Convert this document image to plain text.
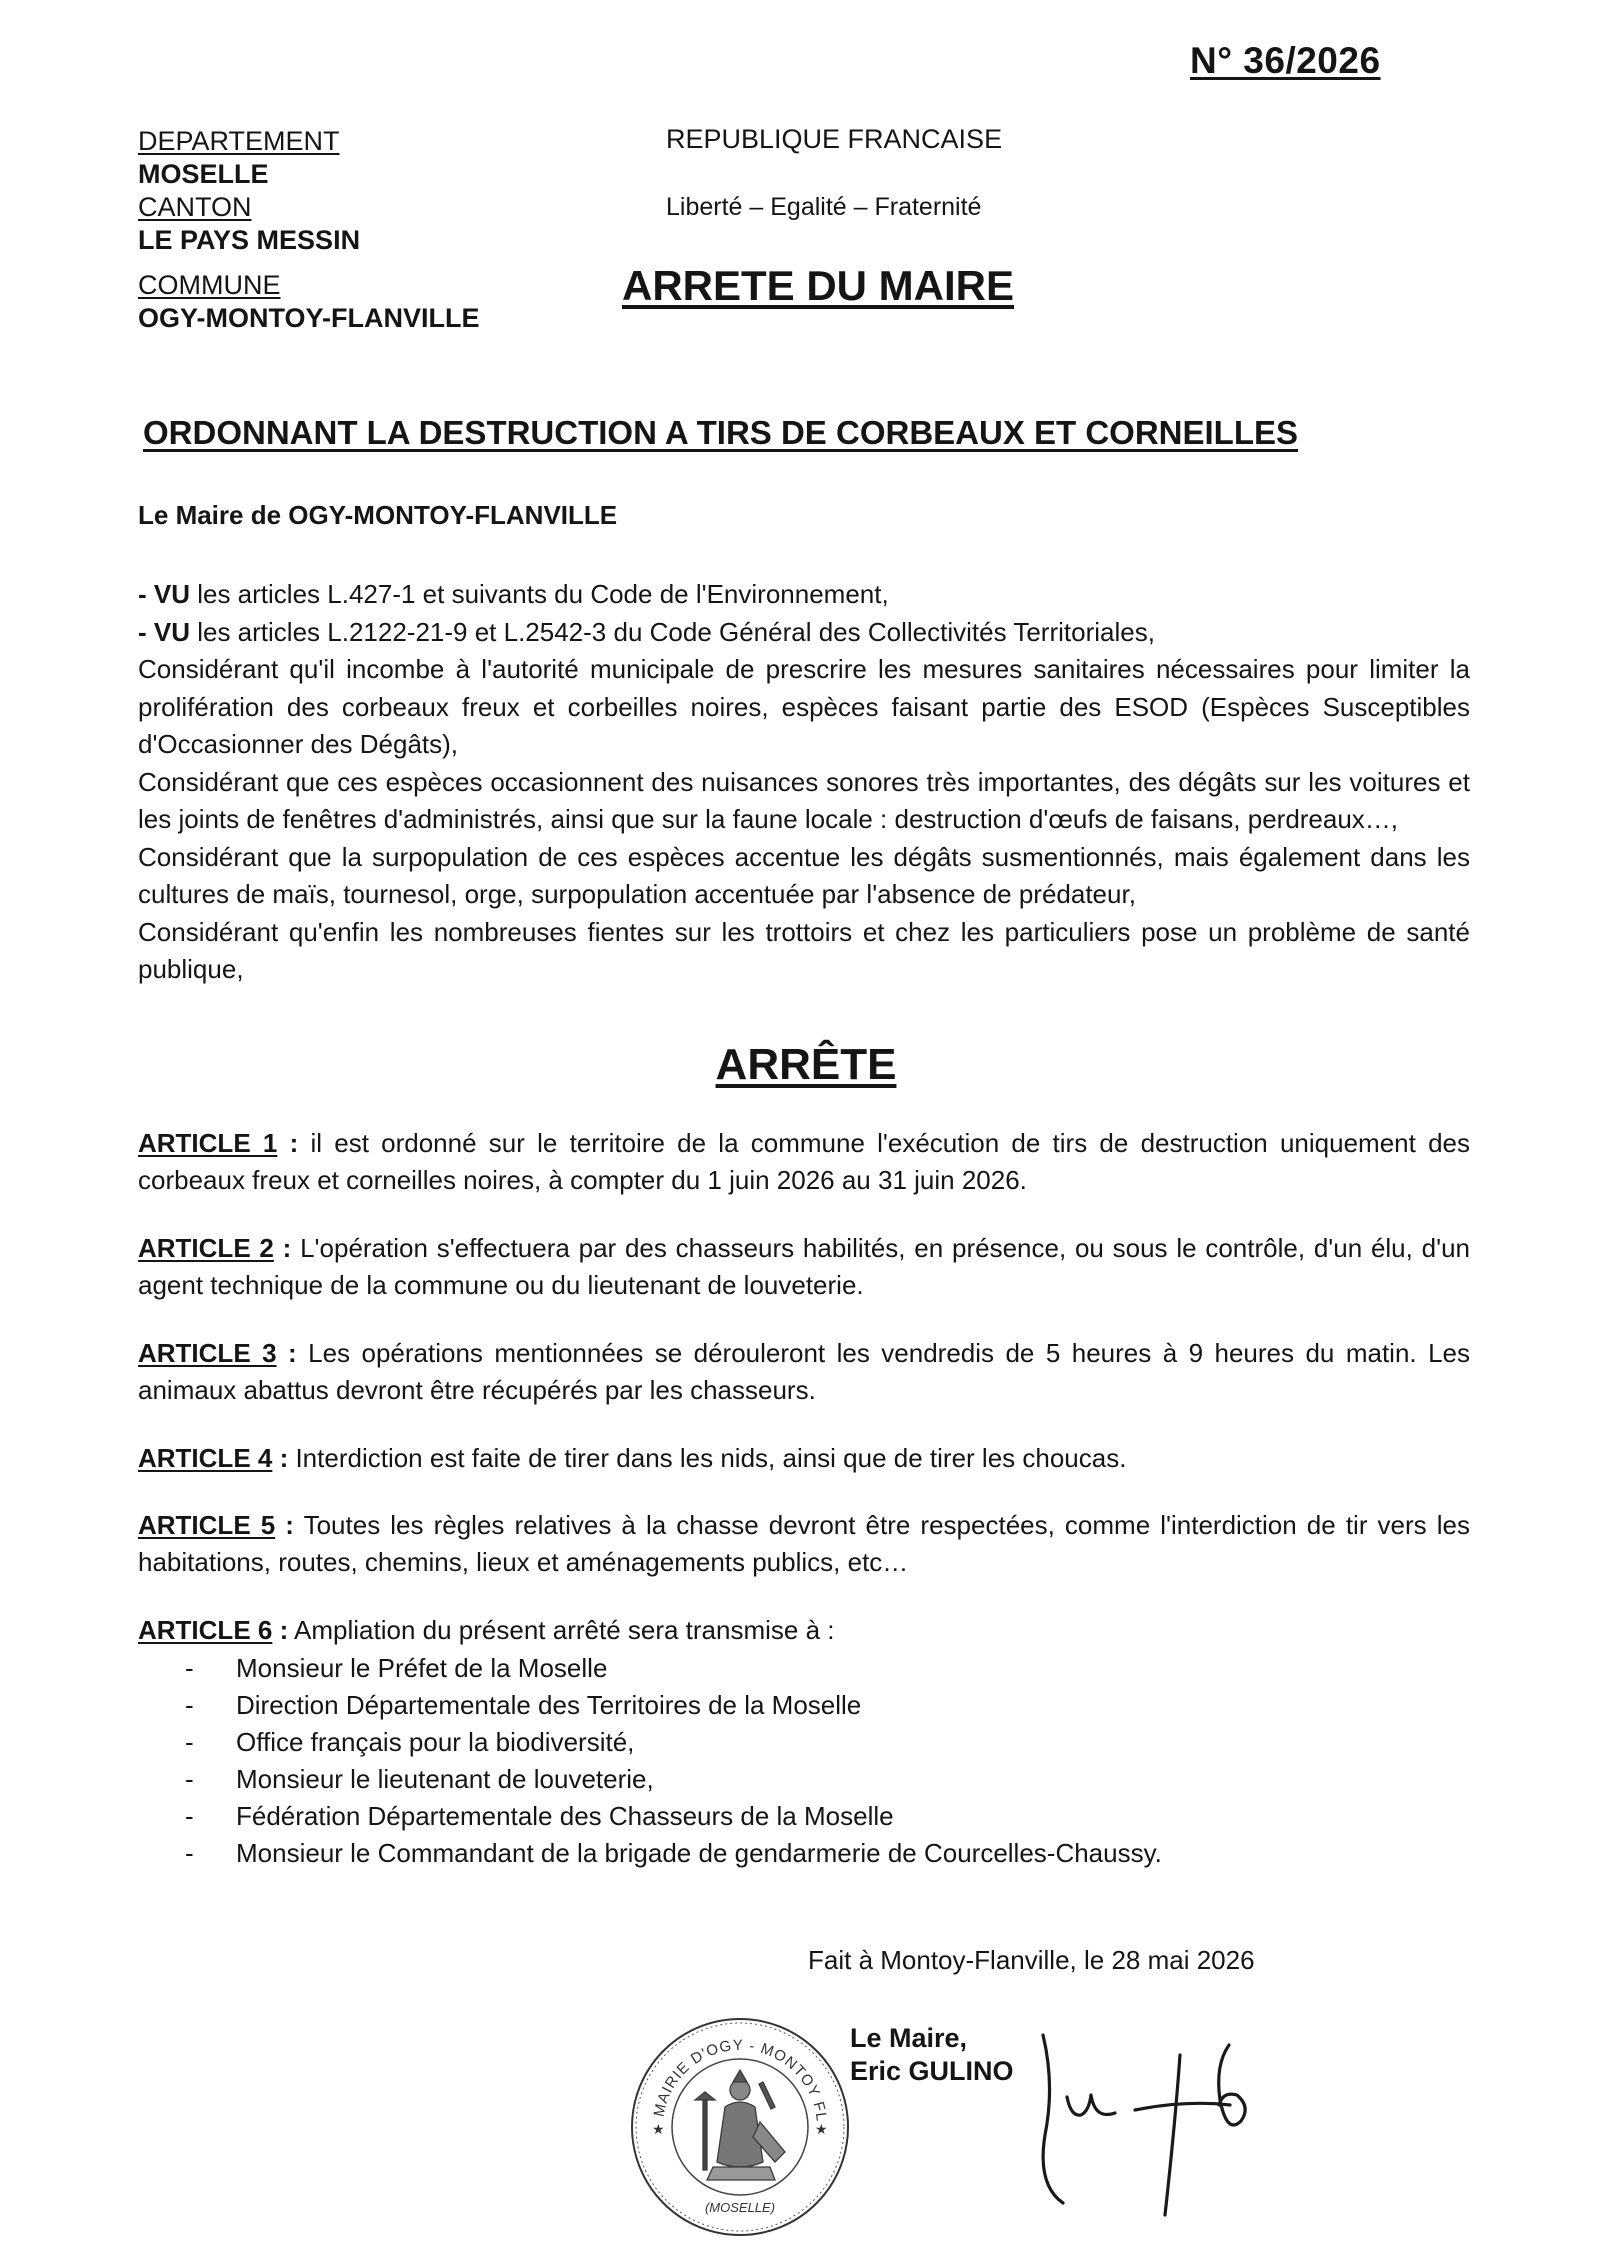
N° 36/2026
DEPARTEMENT
MOSELLE
CANTON
LE PAYS MESSIN
COMMUNE
OGY-MONTOY-FLANVILLE
REPUBLIQUE FRANCAISE
Liberté – Egalité – Fraternité
ARRETE DU MAIRE
ORDONNANT LA DESTRUCTION A TIRS DE CORBEAUX ET CORNEILLES
Le Maire de OGY-MONTOY-FLANVILLE

- VU les articles L.427-1 et suivants du Code de l'Environnement,

- VU les articles L.2122-21-9 et L.2542-3 du Code Général des Collectivités Territoriales,

Considérant qu'il incombe à l'autorité municipale de prescrire les mesures sanitaires nécessaires pour limiter la prolifération des corbeaux freux et corbeilles noires, espèces faisant partie des ESOD (Espèces Susceptibles d'Occasionner des Dégâts),

Considérant que ces espèces occasionnent des nuisances sonores très importantes, des dégâts sur les voitures et les joints de fenêtres d'administrés, ainsi que sur la faune locale : destruction d'œufs de faisans, perdreaux…,

Considérant que la surpopulation de ces espèces accentue les dégâts susmentionnés, mais également dans les cultures de maïs, tournesol, orge, surpopulation accentuée par l'absence de prédateur,

Considérant qu'enfin les nombreuses fientes sur les trottoirs et chez les particuliers pose un problème de santé publique,

ARRÊTE
ARTICLE 1 : il est ordonné sur le territoire de la commune l'exécution de tirs de destruction uniquement des corbeaux freux et corneilles noires, à compter du 1 juin 2026 au 31 juin 2026.
ARTICLE 2 : L'opération s'effectuera par des chasseurs habilités, en présence, ou sous le contrôle, d'un élu, d'un agent technique de la commune ou du lieutenant de louveterie.
ARTICLE 3 : Les opérations mentionnées se dérouleront les vendredis de 5 heures à 9 heures du matin. Les animaux abattus devront être récupérés par les chasseurs.
ARTICLE 4 : Interdiction est faite de tirer dans les nids, ainsi que de tirer les choucas.
ARTICLE 5 : Toutes les règles relatives à la chasse devront être respectées, comme l'interdiction de tir vers les habitations, routes, chemins, lieux et aménagements publics, etc…
ARTICLE 6 : Ampliation du présent arrêté sera transmise à :
- Monsieur le Préfet de la Moselle
- Direction Départementale des Territoires de la Moselle
- Office français pour la biodiversité,
- Monsieur le lieutenant de louveterie,
- Fédération Départementale des Chasseurs de la Moselle
- Monsieur le Commandant de la brigade de gendarmerie de Courcelles-Chaussy.
Fait à Montoy-Flanville, le 28 mai 2026
MAIRIE D'OGY - MONTOY FL
★	★
(MOSELLE)
Le Maire,
Eric GULINO
